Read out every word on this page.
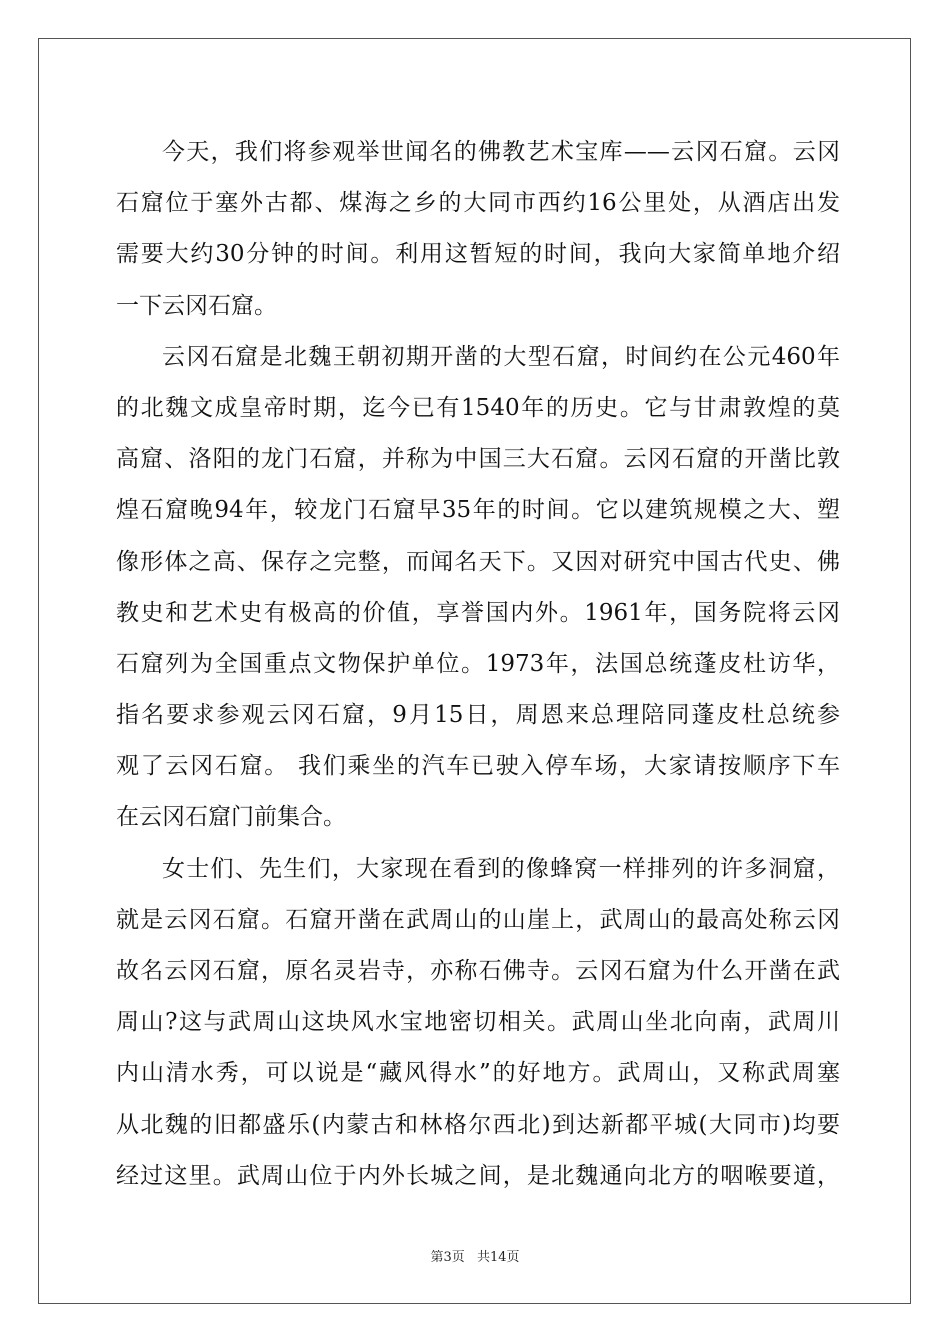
今天，我们将参观举世闻名的佛教艺术宝库——云冈石窟。云冈
石窟位于塞外古都、煤海之乡的大同市西约16公里处，从酒店出发
需要大约30分钟的时间。利用这暂短的时间，我向大家简单地介绍
一下云冈石窟。
云冈石窟是北魏王朝初期开凿的大型石窟，时间约在公元460年
的北魏文成皇帝时期，迄今已有1540年的历史。它与甘肃敦煌的莫
高窟、洛阳的龙门石窟，并称为中国三大石窟。云冈石窟的开凿比敦
煌石窟晚94年，较龙门石窟早35年的时间。它以建筑规模之大、塑
像形体之高、保存之完整，而闻名天下。又因对研究中国古代史、佛
教史和艺术史有极高的价值，享誉国内外。1961年，国务院将云冈
石窟列为全国重点文物保护单位。1973年，法国总统蓬皮杜访华，
指名要求参观云冈石窟，9月15日，周恩来总理陪同蓬皮杜总统参
观了云冈石窟。 我们乘坐的汽车已驶入停车场，大家请按顺序下车
在云冈石窟门前集合。
女士们、先生们，大家现在看到的像蜂窝一样排列的许多洞窟，
就是云冈石窟。石窟开凿在武周山的山崖上，武周山的最高处称云冈
故名云冈石窟，原名灵岩寺，亦称石佛寺。云冈石窟为什么开凿在武
周山?这与武周山这块风水宝地密切相关。武周山坐北向南，武周川
内山清水秀，可以说是“藏风得水”的好地方。武周山，又称武周塞
从北魏的旧都盛乐(内蒙古和林格尔西北)到达新都平城(大同市)均要
经过这里。武周山位于内外长城之间，是北魏通向北方的咽喉要道，
第3页 共14页
